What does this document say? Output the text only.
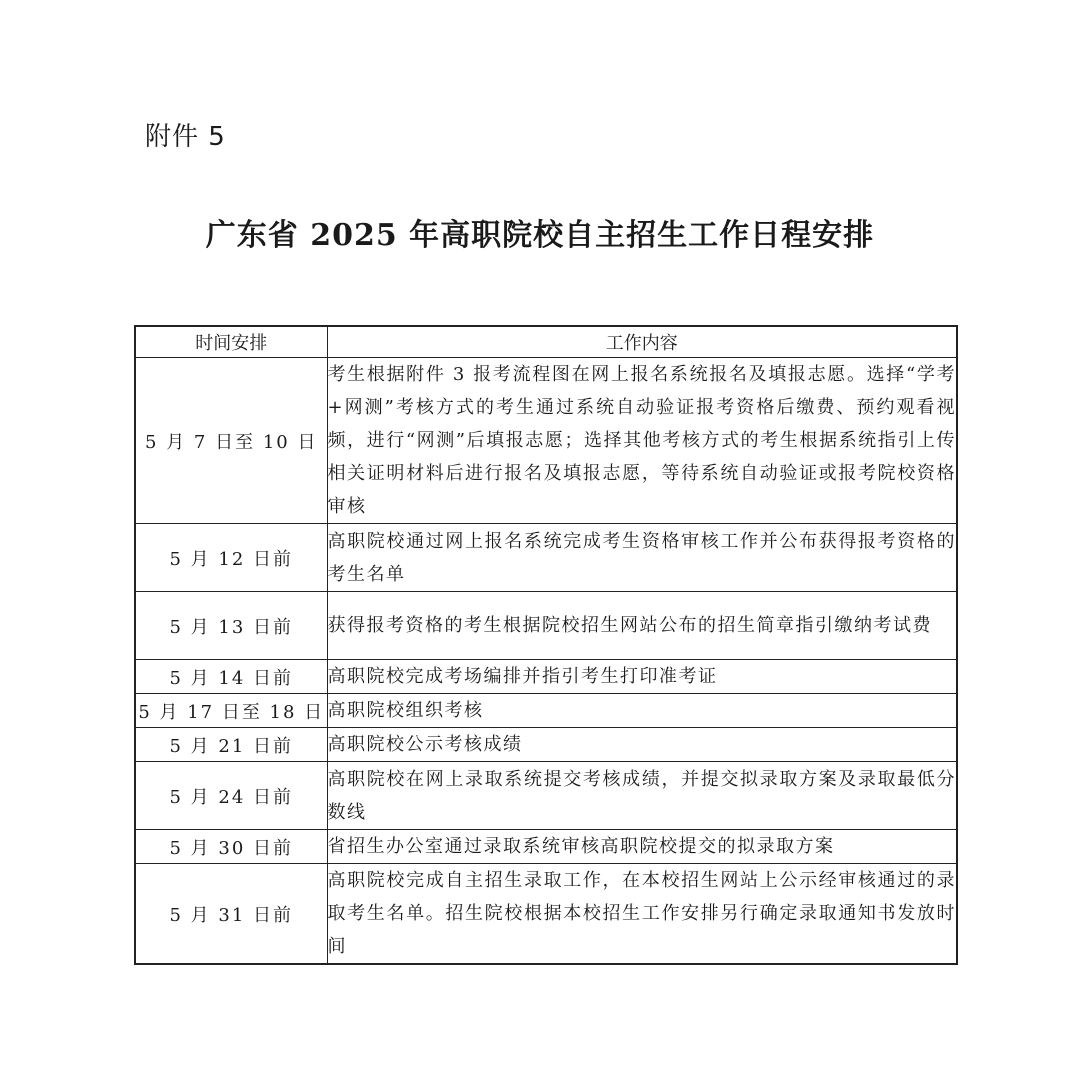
附件 5
广东省 2025 年高职院校自主招生工作日程安排
时间安排	工作内容
5 月 7 日至 10 日	考生根据附件 3 报考流程图在网上报名系统报名及填报志愿。选择“学考+网测”考核方式的考生通过系统自动验证报考资格后缴费、预约观看视频，进行“网测”后填报志愿；选择其他考核方式的考生根据系统指引上传相关证明材料后进行报名及填报志愿，等待系统自动验证或报考院校资格审核
5 月 12 日前	高职院校通过网上报名系统完成考生资格审核工作并公布获得报考资格的考生名单
5 月 13 日前	获得报考资格的考生根据院校招生网站公布的招生简章指引缴纳考试费
5 月 14 日前	高职院校完成考场编排并指引考生打印准考证
5 月 17 日至 18 日	高职院校组织考核
5 月 21 日前	高职院校公示考核成绩
5 月 24 日前	高职院校在网上录取系统提交考核成绩，并提交拟录取方案及录取最低分数线
5 月 30 日前	省招生办公室通过录取系统审核高职院校提交的拟录取方案
5 月 31 日前	高职院校完成自主招生录取工作，在本校招生网站上公示经审核通过的录取考生名单。招生院校根据本校招生工作安排另行确定录取通知书发放时间
